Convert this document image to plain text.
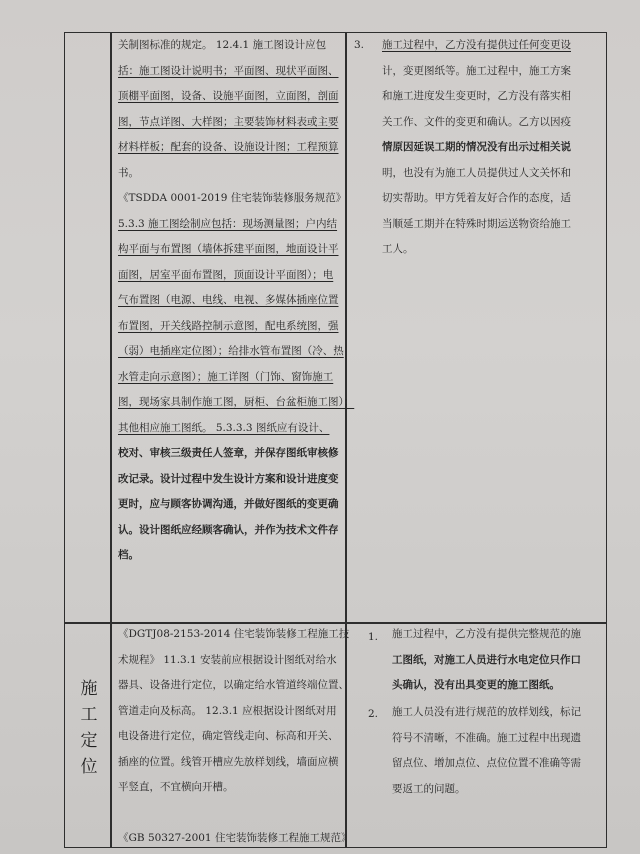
关制图标准的规定。 12.4.1 施工图设计应包
括：施工图设计说明书；平面图、现状平面图、
顶棚平面图，设备、设施平面图，立面图，剖面
图，节点详图、大样图；主要装饰材料表或主要
材料样板；配套的设备、设施设计图；工程预算
书。
《TSDDA 0001-2019 住宅装饰装修服务规范》
5.3.3 施工图绘制应包括：现场测量图；户内结
构平面与布置图（墙体拆建平面图，地面设计平
面图，居室平面布置图，顶面设计平面图）；电
气布置图（电源、电线、电视、多媒体插座位置
布置图，开关线路控制示意图，配电系统图，强
（弱）电插座定位图）；给排水管布置图（冷、热
水管走向示意图）；施工详图（门饰、窗饰施工
图，现场家具制作施工图，厨柜、台盆柜施工图）；
其他相应施工图纸。 5.3.3.3 图纸应有设计、
校对、审核三级责任人签章，并保存图纸审核修
改记录。设计过程中发生设计方案和设计进度变
更时，应与顾客协调沟通，并做好图纸的变更确
认。设计图纸应经顾客确认，并作为技术文件存
档。
3. 施工过程中，乙方没有提供过任何变更设
计，变更图纸等。施工过程中，施工方案
和施工进度发生变更时，乙方没有落实相
关工作、文件的变更和确认。乙方以因疫
情原因延误工期的情况没有出示过相关说
明，也没有为施工人员提供过人文关怀和
切实帮助。甲方凭着友好合作的态度，适
当顺延工期并在特殊时期运送物资给施工
工人。
施
工
定
位
《DGTJ08-2153-2014 住宅装饰装修工程施工技
术规程》 11.3.1 安装前应根据设计图纸对给水
器具、设备进行定位，以确定给水管道终端位置、
管道走向及标高。 12.3.1 应根据设计图纸对用
电设备进行定位，确定管线走向、标高和开关、
插座的位置。线管开槽应先放样划线，墙面应横
平竖直，不宜横向开槽。
《GB 50327-2001 住宅装饰装修工程施工规范》
1. 施工过程中，乙方没有提供完整规范的施
工图纸，对施工人员进行水电定位只作口
头确认，没有出具变更的施工图纸。
2. 施工人员没有进行规范的放样划线，标记
符号不清晰，不准确。施工过程中出现遗
留点位、增加点位、点位位置不准确等需
要返工的问题。
